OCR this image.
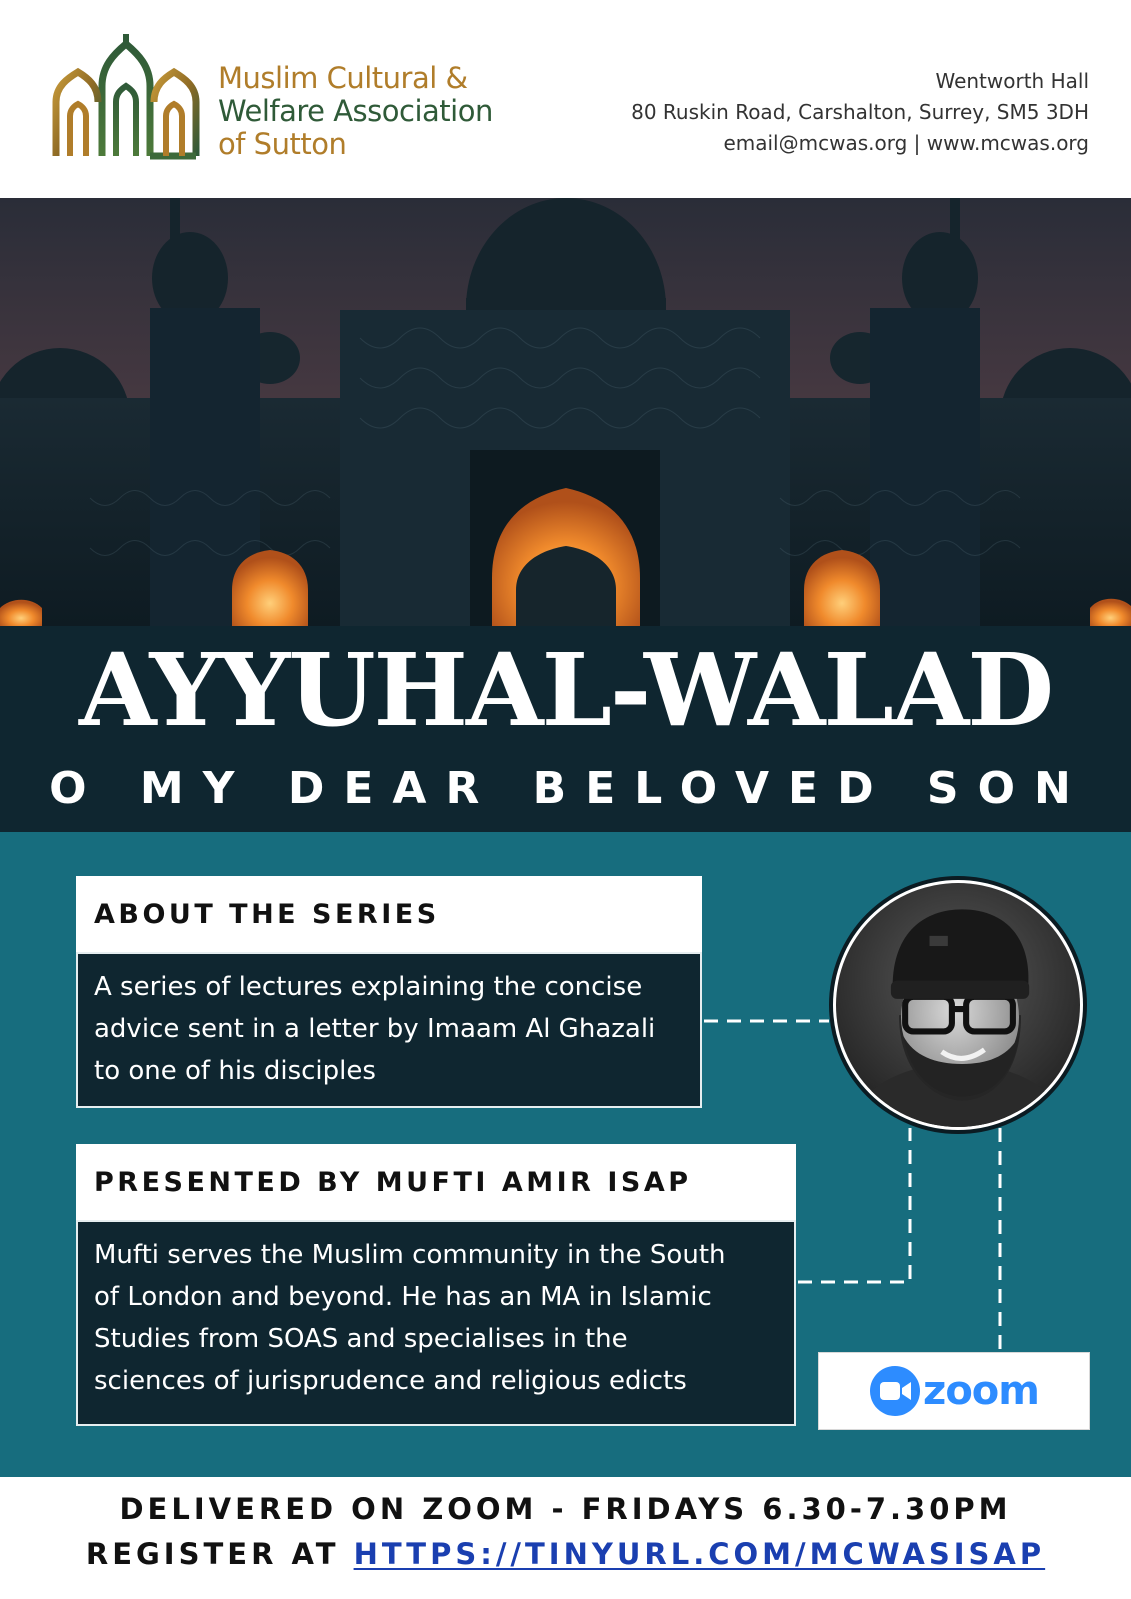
Muslim Cultural &
Welfare Association
of Sutton
Wentworth Hall
80 Ruskin Road, Carshalton, Surrey, SM5 3DH
email@mcwas.org | www.mcwas.org
AYYUHAL-WALAD
O MY DEAR BELOVED SON
ABOUT THE SERIES
A series of lectures explaining the concise
advice sent in a letter by Imaam Al Ghazali
to one of his disciples
PRESENTED BY MUFTI AMIR ISAP
Mufti serves the Muslim community in the South
of London and beyond. He has an MA in Islamic
Studies from SOAS and specialises in the
sciences of jurisprudence and religious edicts	zoom
DELIVERED ON ZOOM - FRIDAYS 6.30-7.30PM
REGISTER AT HTTPS://TINYURL.COM/MCWASISAP
